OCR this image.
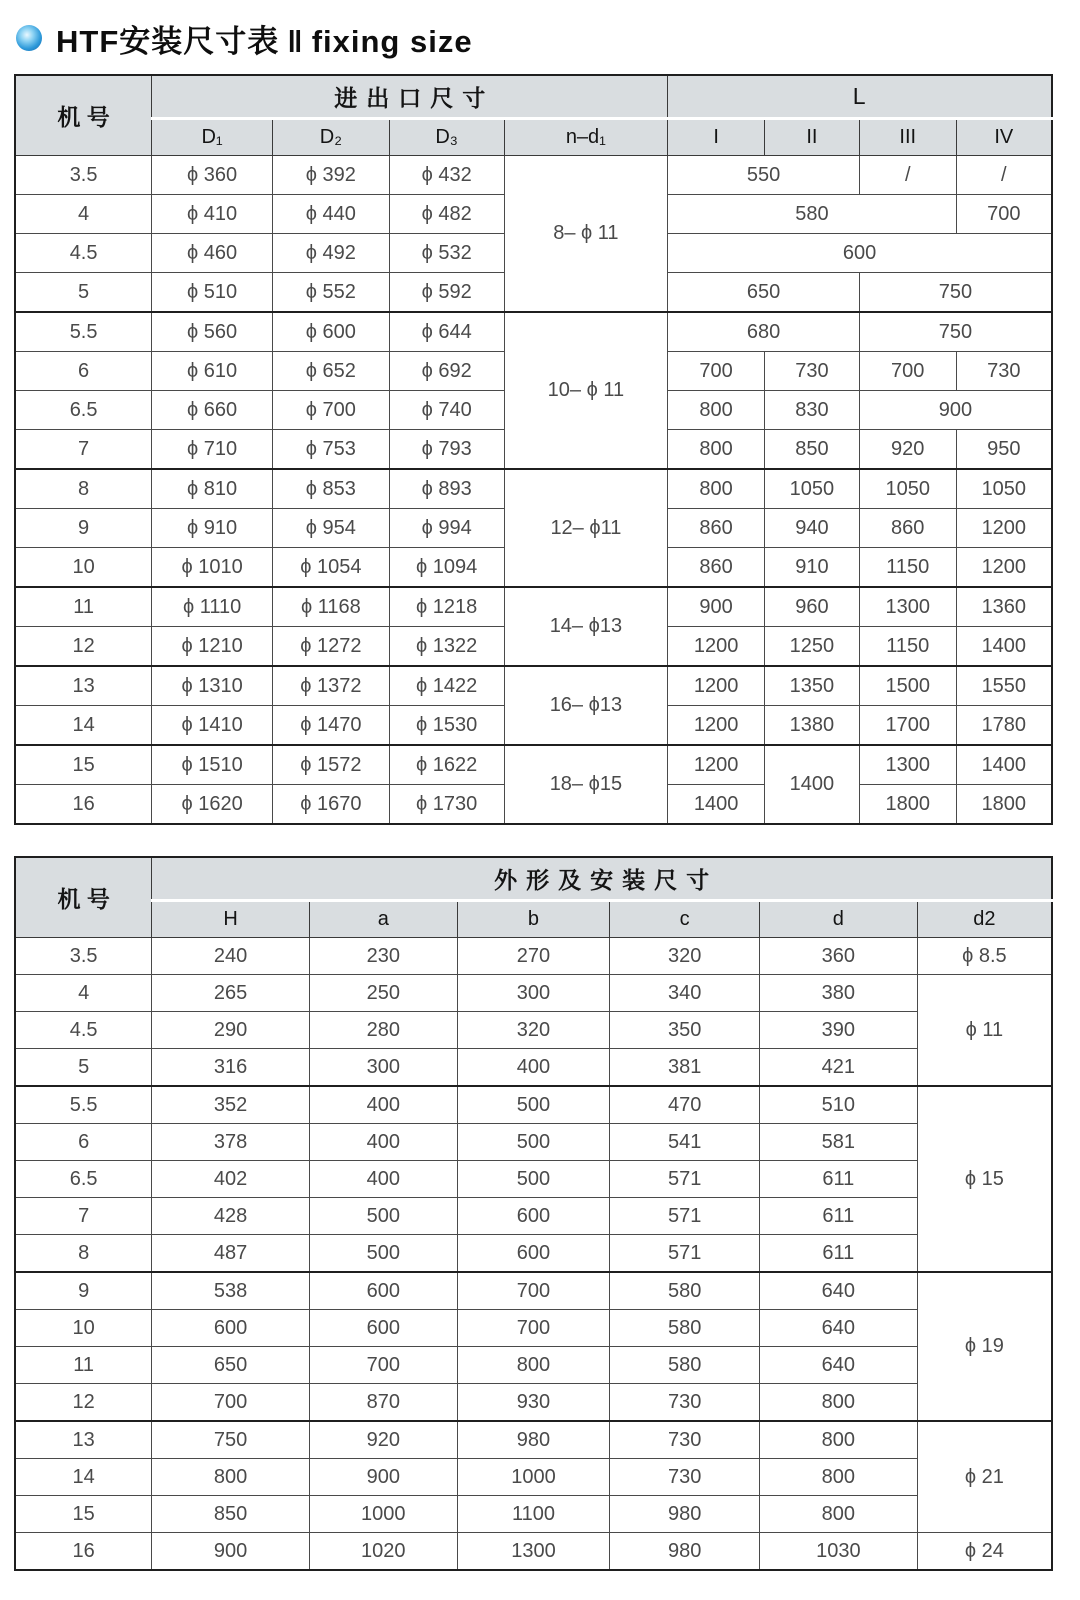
HTF安装尺寸表 ‖ fixing size
机 号	进出口尺寸				L			
	D₁	D₂	D₃	n–d₁	I	II	III	IV
3.5	ϕ 360	ϕ 392	ϕ 432	8– ϕ 11	550		/	/
4	ϕ 410	ϕ 440	ϕ 482		580			700
4.5	ϕ 460	ϕ 492	ϕ 532		600			
5	ϕ 510	ϕ 552	ϕ 592		650		750	
5.5	ϕ 560	ϕ 600	ϕ 644	10– ϕ 11	680		750	
6	ϕ 610	ϕ 652	ϕ 692		700	730	700	730
6.5	ϕ 660	ϕ 700	ϕ 740		800	830	900	
7	ϕ 710	ϕ 753	ϕ 793		800	850	920	950
8	ϕ 810	ϕ 853	ϕ 893	12– ϕ11	800	1050	1050	1050
9	ϕ 910	ϕ 954	ϕ 994		860	940	860	1200
10	ϕ 1010	ϕ 1054	ϕ 1094		860	910	1150	1200
11	ϕ 1110	ϕ 1168	ϕ 1218	14– ϕ13	900	960	1300	1360
12	ϕ 1210	ϕ 1272	ϕ 1322		1200	1250	1150	1400
13	ϕ 1310	ϕ 1372	ϕ 1422	16– ϕ13	1200	1350	1500	1550
14	ϕ 1410	ϕ 1470	ϕ 1530		1200	1380	1700	1780
15	ϕ 1510	ϕ 1572	ϕ 1622	18– ϕ15	1200	1400	1300	1400
16	ϕ 1620	ϕ 1670	ϕ 1730		1400		1800	1800
机 号	外形及安装尺寸					
	H	a	b	c	d	d2
3.5	240	230	270	320	360	ϕ 8.5
4	265	250	300	340	380	ϕ 11
4.5	290	280	320	350	390	
5	316	300	400	381	421	
5.5	352	400	500	470	510	ϕ 15
6	378	400	500	541	581	
6.5	402	400	500	571	611	
7	428	500	600	571	611	
8	487	500	600	571	611	
9	538	600	700	580	640	ϕ 19
10	600	600	700	580	640	
11	650	700	800	580	640	
12	700	870	930	730	800	
13	750	920	980	730	800	ϕ 21
14	800	900	1000	730	800	
15	850	1000	1100	980	800	
16	900	1020	1300	980	1030	ϕ 24
